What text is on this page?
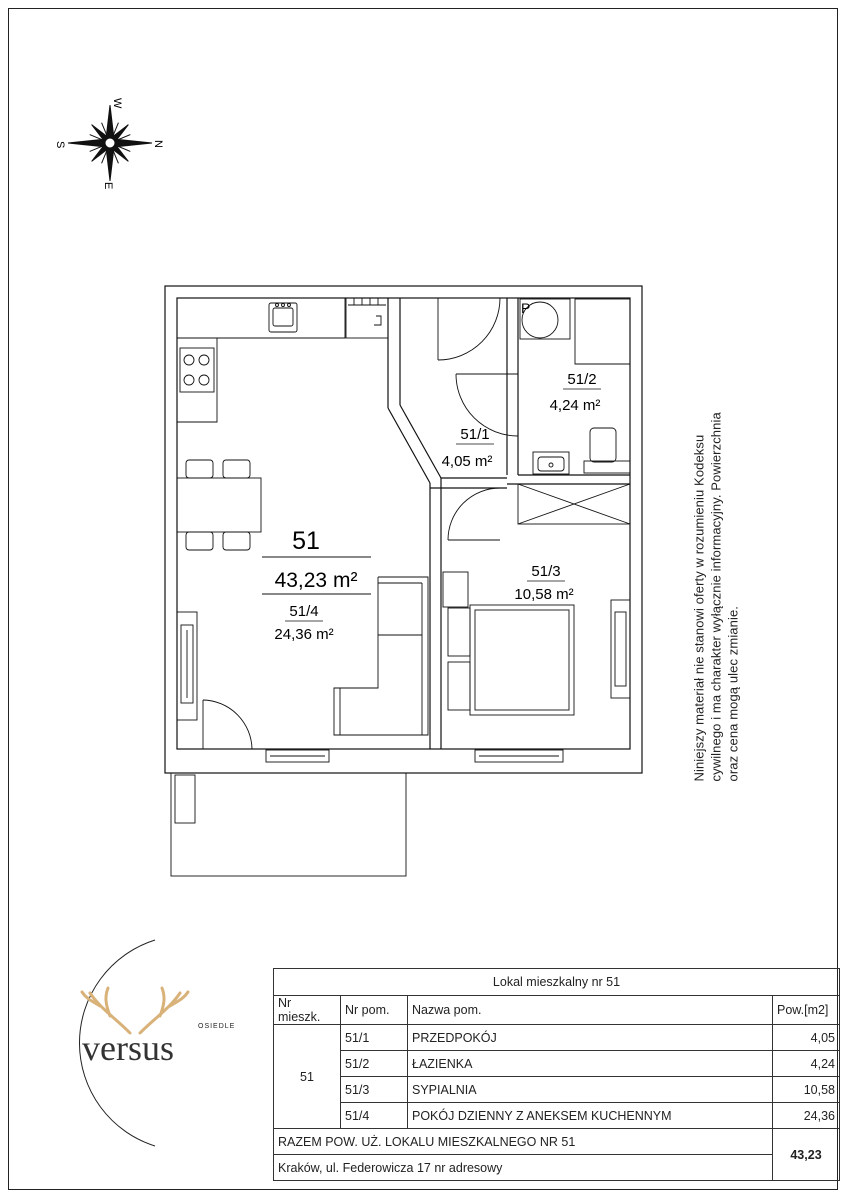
W
E
S	N
51
43,23 m²
51/4
24,36 m²
51/1
4,05 m²
51/2
4,24 m²
P
51/3
10,58 m²	Niniejszy materiał nie stanowi oferty w rozumieniu Kodeksu cywilnego i ma charakter wyłącznie informacyjny. Powierzchnia oraz cena mogą ulec zmianie.
OSIEDLE
versus
Lokal mieszkalny nr 51			
Nr mieszk.	Nr pom.	Nazwa pom.	Pow.[m2]
51	51/1	PRZEDPOKÓJ	4,05
	51/2	ŁAZIENKA	4,24
	51/3	SYPIALNIA	10,58
	51/4	POKÓJ DZIENNY Z ANEKSEM KUCHENNYM	24,36
RAZEM POW. UŻ. LOKALU MIESZKALNEGO NR 51			43,23
Kraków, ul. Federowicza 17 nr adresowy			
